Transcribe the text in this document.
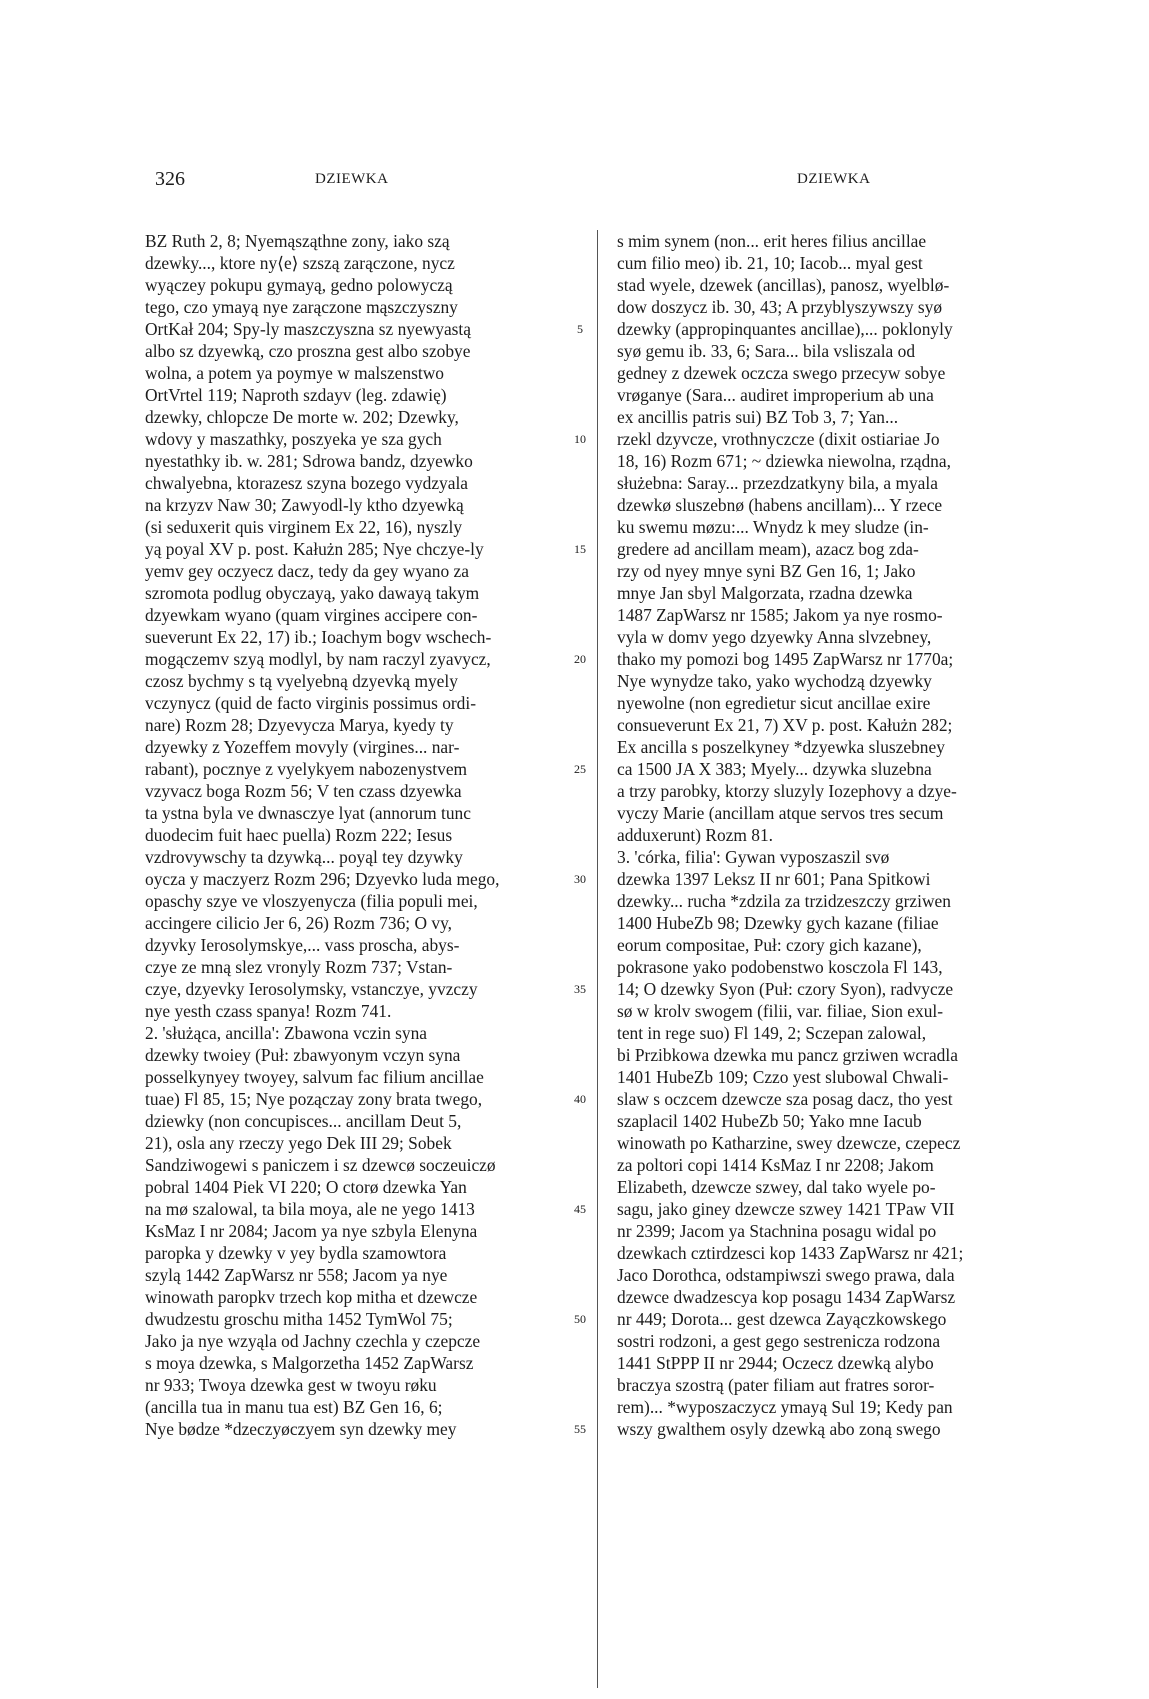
326	DZIEWKA	DZIEWKA
BZ Ruth 2, 8; Nyemąsząthne zony, iako szą
dzewky..., ktore ny⟨e⟩ szszą zarączone, nycz
wyączey pokupu gymayą, gedno polowyczą
tego, czo ymayą nye zarączone mąszczyszny
OrtKał 204; Spy-ly maszczyszna sz nyewyastą
albo sz dzyewką, czo proszna gest albo szobye
wolna, a potem ya poymye w malszenstwo
OrtVrtel 119; Naproth szdayv (leg. zdawię)
dzewky, chlopcze De morte w. 202; Dzewky,
wdovy y maszathky, poszyeka ye sza gych
nyestathky ib. w. 281; Sdrowa bandz, dzyewko
chwalyebna, ktorazesz szyna bozego vydzyala
na krzyzv Naw 30; Zawyodl-ly ktho dzyewką
(si seduxerit quis virginem Ex 22, 16), nyszly
yą poyal XV p. post. Kałużn 285; Nye chczye-ly
yemv gey oczyecz dacz, tedy da gey wyano za
szromota podlug obyczayą, yako dawayą takym
dzyewkam wyano (quam virgines accipere con-
sueverunt Ex 22, 17) ib.; Ioachym bogv wschech-
mogączemv szyą modlyl, by nam raczyl zyavycz,
czosz bychmy s tą vyelyebną dzyevką myely
vczynycz (quid de facto virginis possimus ordi-
nare) Rozm 28; Dzyevycza Marya, kyedy ty
dzyewky z Yozeffem movyly (virgines... nar-
rabant), pocznye z vyelykyem nabozenystvem
vzyvacz boga Rozm 56; V ten czass dzyewka
ta ystna byla ve dwnasczye lyat (annorum tunc
duodecim fuit haec puella) Rozm 222; Iesus
vzdrovywschy ta dzywką... poyąl tey dzywky
oycza y maczyerz Rozm 296; Dzyevko luda mego,
opaschy szye ve vloszyenycza (filia populi mei,
accingere cilicio Jer 6, 26) Rozm 736; O vy,
dzyvky Ierosolymskye,... vass proscha, abys-
czye ze mną slez vronyly Rozm 737; Vstan-
czye, dzyevky Ierosolymsky, vstanczye, yvzczy
nye yesth czass spanya! Rozm 741.
2. 'służąca, ancilla': Zbawona vczin syna
dzewky twoiey (Puł: zbawyonym vczyn syna
posselkynyey twoyey, salvum fac filium ancillae
tuae) Fl 85, 15; Nye pozączay zony brata twego,
dziewky (non concupisces... ancillam Deut 5,
21), osla any rzeczy yego Dek III 29; Sobek
Sandziwogewi s paniczem i sz dzewcø soczeuiczø
pobral 1404 Piek VI 220; O ctorø dzewka Yan
na mø szalowal, ta bila moya, ale ne yego 1413
KsMaz I nr 2084; Jacom ya nye szbyla Elenyna
paropka y dzewky v yey bydla szamowtora
szylą 1442 ZapWarsz nr 558; Jacom ya nye
winowath paropkv trzech kop mitha et dzewcze
dwudzestu groschu mitha 1452 TymWol 75;
Jako ja nye wzyąla od Jachny czechla y czepcze
s moya dzewka, s Malgorzetha 1452 ZapWarsz
nr 933; Twoya dzewka gest w twoyu røku
(ancilla tua in manu tua est) BZ Gen 16, 6;
Nye bødze *dzeczyøczyem syn dzewky mey
5
10
15
20
25
30
35
40
45
50
55
s mim synem (non... erit heres filius ancillae
cum filio meo) ib. 21, 10; Iacob... myal gest
stad wyele, dzewek (ancillas), panosz, wyelblø-
dow doszycz ib. 30, 43; A przyblyszywszy syø
dzewky (appropinquantes ancillae),... poklonyly
syø gemu ib. 33, 6; Sara... bila vsliszala od
gedney z dzewek oczcza swego przecyw sobye
vrøganye (Sara... audiret improperium ab una
ex ancillis patris sui) BZ Tob 3, 7; Yan...
rzekl dzyvcze, vrothnyczcze (dixit ostiariae Jo
18, 16) Rozm 671; ~ dziewka niewolna, rządna,
służebna: Saray... przezdzatkyny bila, a myala
dzewkø sluszebnø (habens ancillam)... Y rzece
ku swemu møzu:... Wnydz k mey sludze (in-
gredere ad ancillam meam), azacz bog zda-
rzy od nyey mnye syni BZ Gen 16, 1; Jako
mnye Jan sbyl Malgorzata, rzadna dzewka
1487 ZapWarsz nr 1585; Jakom ya nye rosmo-
vyla w domv yego dzyewky Anna slvzebney,
thako my pomozi bog 1495 ZapWarsz nr 1770a;
Nye wynydze tako, yako wychodzą dzyewky
nyewolne (non egredietur sicut ancillae exire
consueverunt Ex 21, 7) XV p. post. Kałużn 282;
Ex ancilla s poszelkyney *dzyewka sluszebney
ca 1500 JA X 383; Myely... dzywka sluzebna
a trzy parobky, ktorzy sluzyly Iozephovy a dzye-
vyczy Marie (ancillam atque servos tres secum
adduxerunt) Rozm 81.
3. 'córka, filia': Gywan vyposzaszil svø
dzewka 1397 Leksz II nr 601; Pana Spitkowi
dzewky... rucha *zdzila za trzidzeszczy grziwen
1400 HubeZb 98; Dzewky gych kazane (filiae
eorum compositae, Puł: czory gich kazane),
pokrasone yako podobenstwo kosczola Fl 143,
14; O dzewky Syon (Puł: czory Syon), radvycze
sø w krolv swogem (filii, var. filiae, Sion exul-
tent in rege suo) Fl 149, 2; Sczepan zalowal,
bi Przibkowa dzewka mu pancz grziwen wcradla
1401 HubeZb 109; Czzo yest slubowal Chwali-
slaw s oczcem dzewcze sza posag dacz, tho yest
szaplacil 1402 HubeZb 50; Yako mne Iacub
winowath po Katharzine, swey dzewcze, czepecz
za poltori copi 1414 KsMaz I nr 2208; Jakom
Elizabeth, dzewcze szwey, dal tako wyele po-
sagu, jako giney dzewcze szwey 1421 TPaw VII
nr 2399; Jacom ya Stachnina posagu widal po
dzewkach cztirdzesci kop 1433 ZapWarsz nr 421;
Jaco Dorothca, odstampiwszi swego prawa, dala
dzewce dwadzescya kop posagu 1434 ZapWarsz
nr 449; Dorota... gest dzewca Zayączkowskego
sostri rodzoni, a gest gego sestrenicza rodzona
1441 StPPP II nr 2944; Oczecz dzewką alybo
braczya szostrą (pater filiam aut fratres soror-
rem)... *wyposzaczycz ymayą Sul 19; Kedy pan
wszy gwalthem osyly dzewką abo zoną swego
